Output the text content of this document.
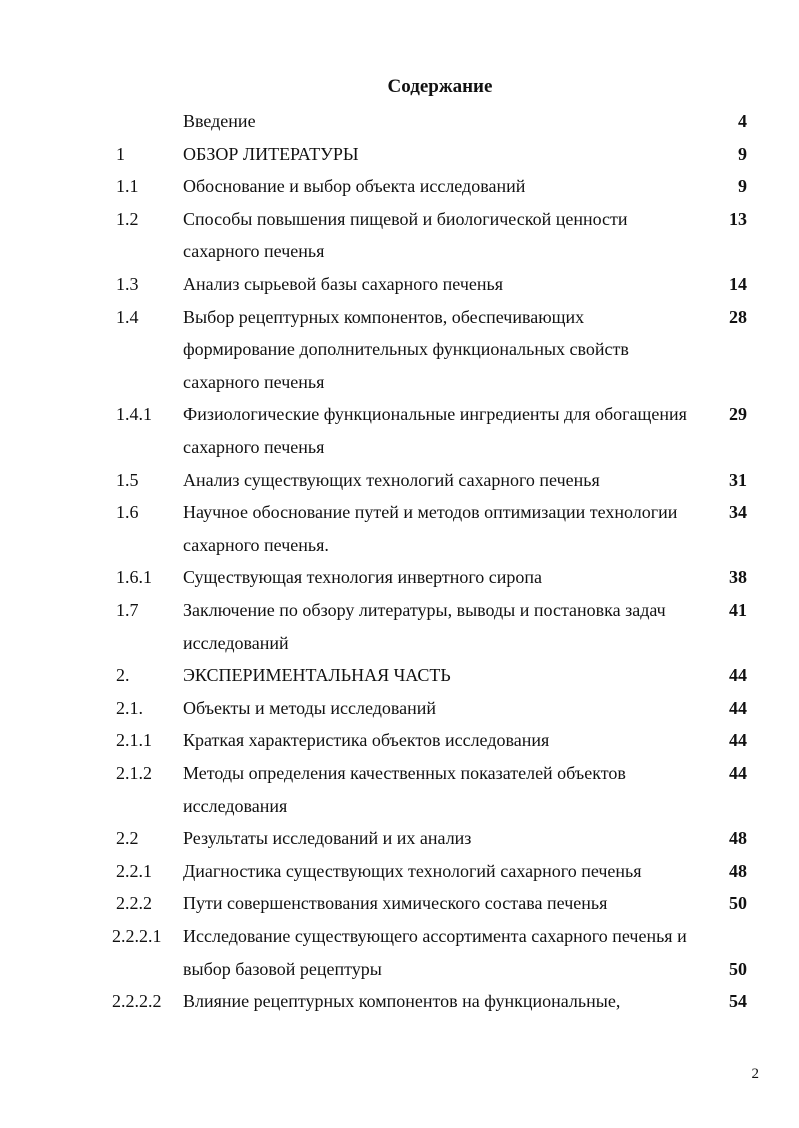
Содержание
Введение	4
1	ОБЗОР ЛИТЕРАТУРЫ	9
1.1 Обоснование и выбор объекта исследований	9
1.2 Способы повышения пищевой и биологической ценности	13
сахарного печенья
1.3 Анализ сырьевой базы сахарного печенья	14
1.4 Выбор рецептурных компонентов, обеспечивающих	28
формирование дополнительных функциональных свойств
сахарного печенья
1.4.1 Физиологические функциональные ингредиенты для обогащения 29
сахарного печенья
1.5 Анализ существующих технологий сахарного печенья	31
1.6 Научное обоснование путей и методов оптимизации технологии	34
сахарного печенья.
1.6.1 Существующая технология инвертного сиропа	38
1.7 Заключение по обзору литературы, выводы и постановка задач	41
исследований
2.	ЭКСПЕРИМЕНТАЛЬНАЯ ЧАСТЬ	44
2.1. Объекты и методы исследований	44
2.1.1 Краткая характеристика объектов исследования	44
2.1.2 Методы определения качественных показателей объектов	44
исследования
2.2 Результаты исследований и их анализ	48
2.2.1 Диагностика существующих технологий сахарного печенья	48
2.2.2 Пути совершенствования химического состава печенья	50
2.2.2.1 Исследование существующего ассортимента сахарного печенья и
выбор базовой рецептуры	50
2.2.2.2 Влияние рецептурных компонентов на функциональные,	54
2
